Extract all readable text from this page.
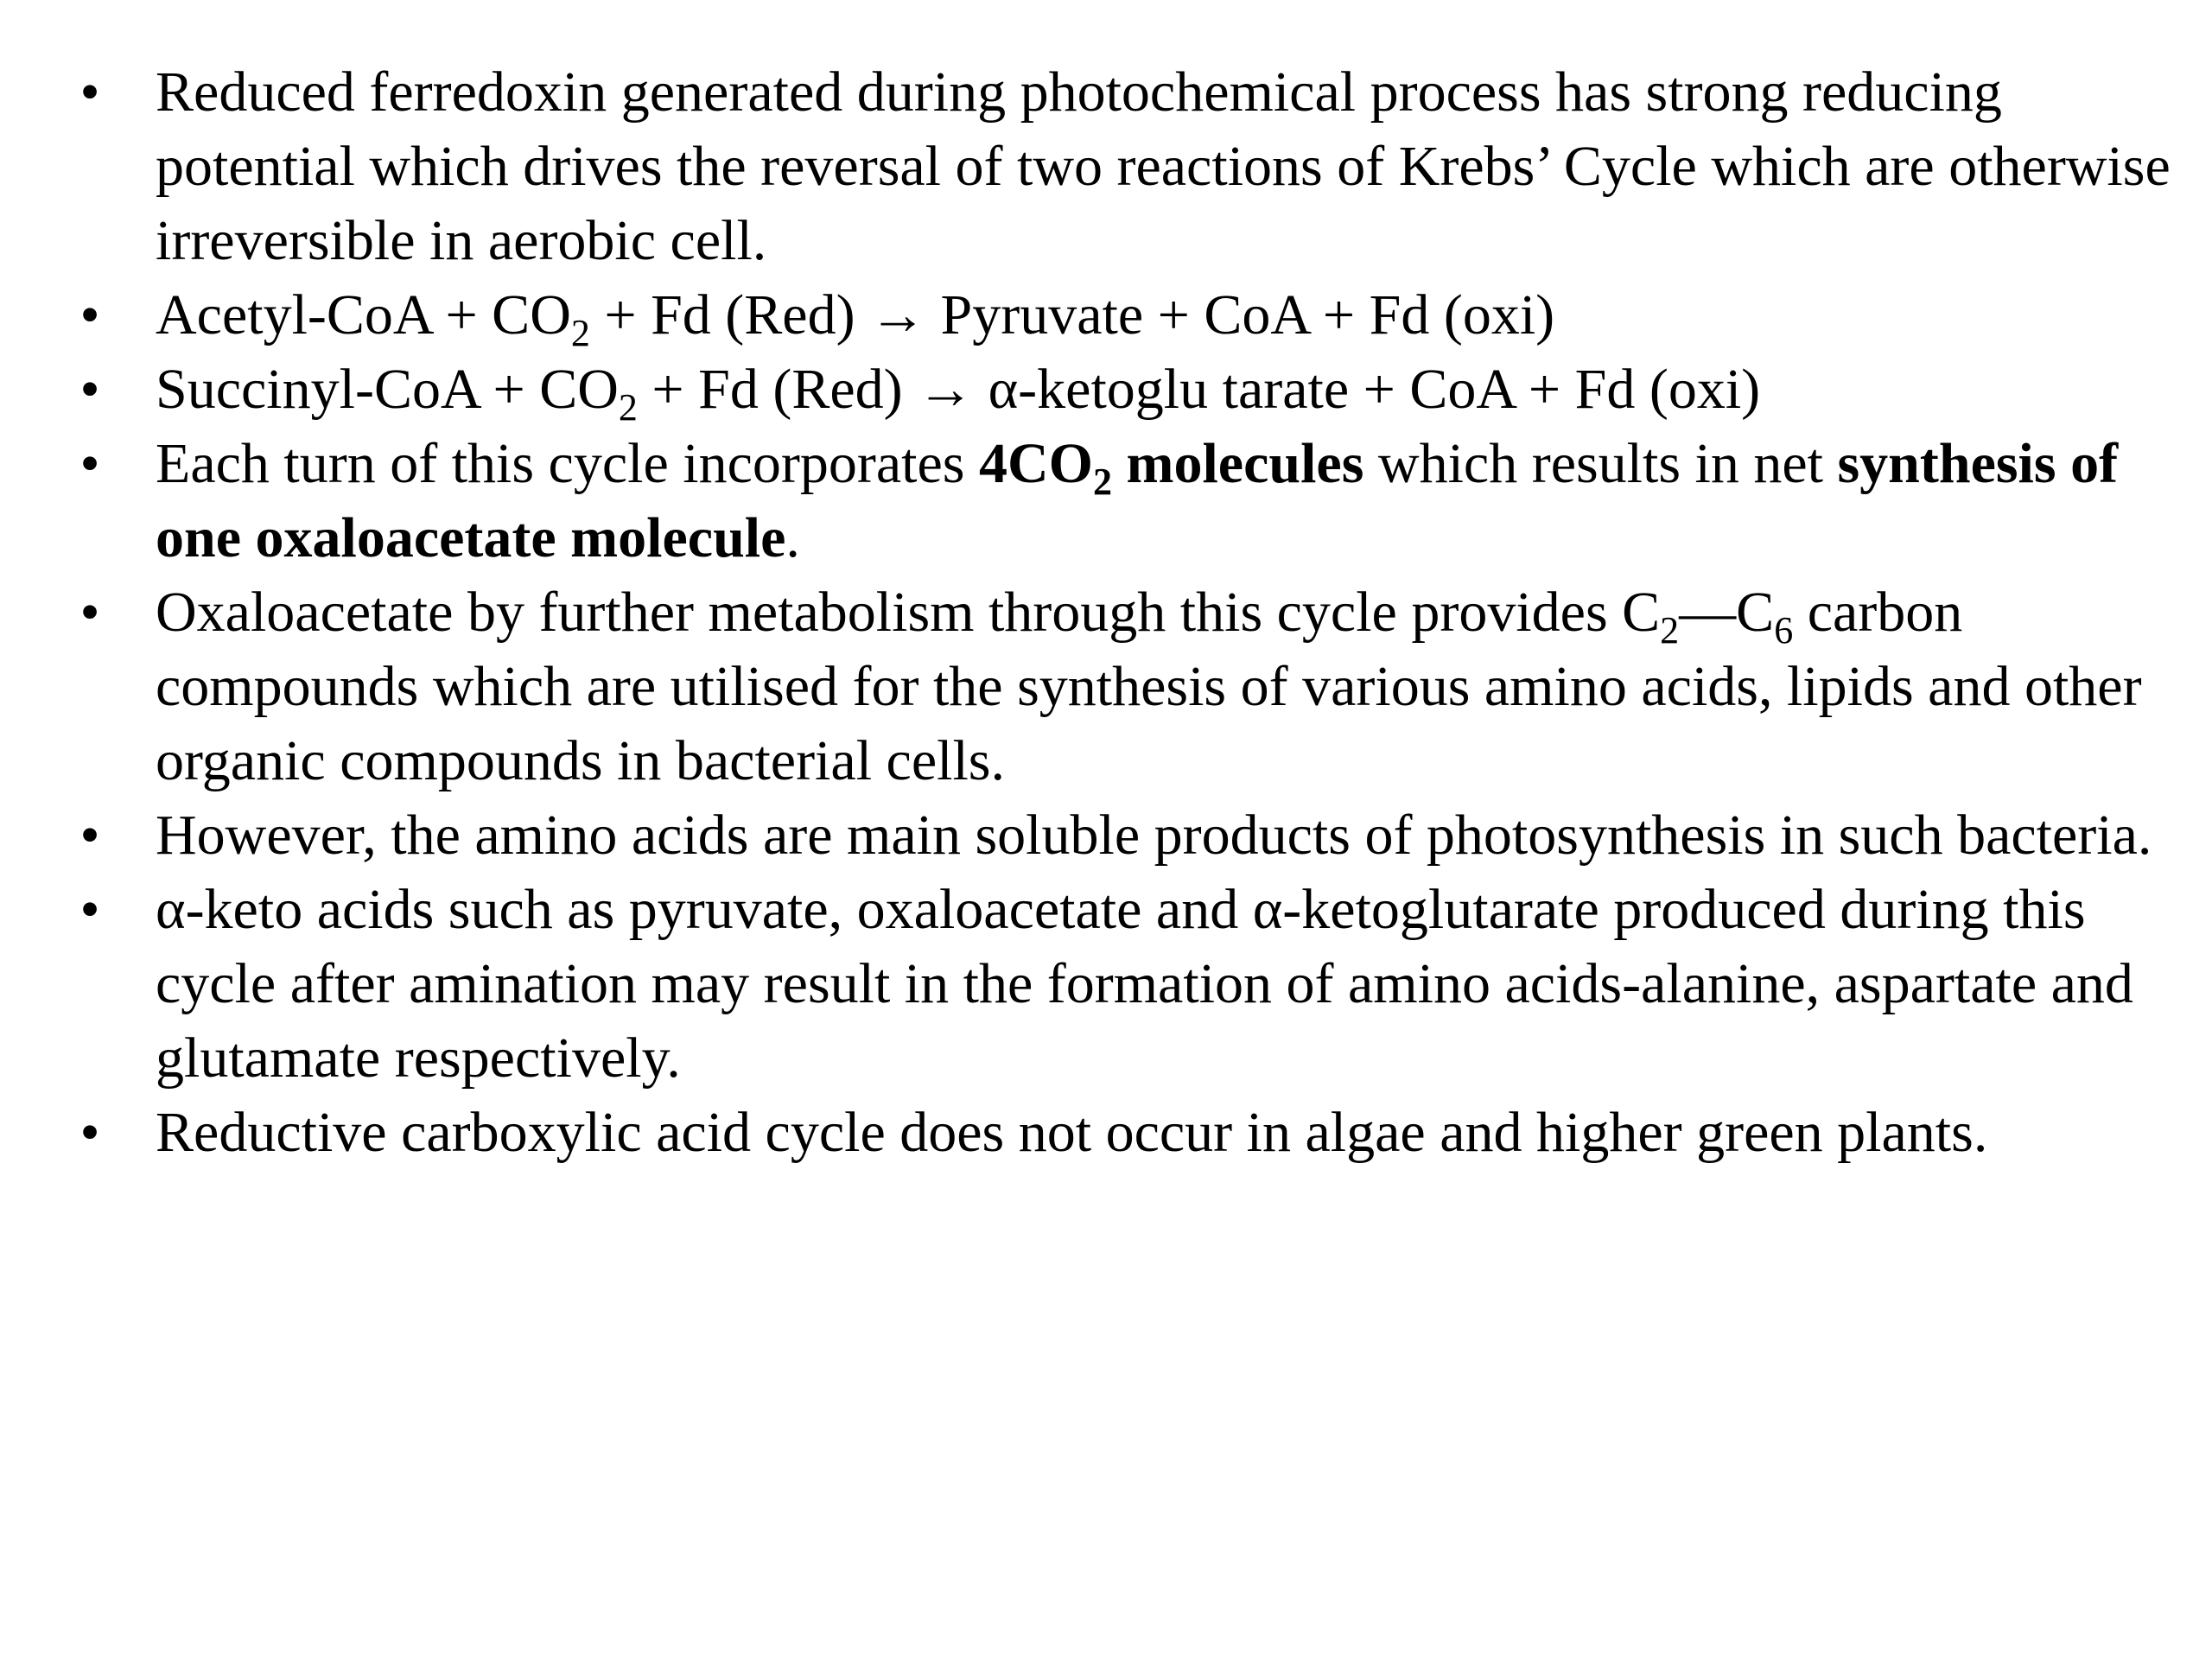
• Reduced ferredoxin generated during photochemical process has strong reducing potential which drives the reversal of two reactions of Krebs’ Cycle which are otherwise irreversible in aerobic cell.
• Acetyl-CoA + $CO_2 + Fd$ (Red) → Pyruvate + CoA + Fd (oxi)
• Succinyl-CoA + $CO_2 + Fd$ (Red) → α-ketoglu tarate + CoA + Fd (oxi)
• Each turn of this cycle incorporates $4CO_2$ molecules which results in net synthesis of one oxaloacetate molecule.
• Oxaloacetate by further metabolism through this cycle provides $C_2—C_6$ carbon compounds which are utilised for the synthesis of various amino acids, lipids and other organic compounds in bacterial cells.
• However, the amino acids are main soluble products of photosynthesis in such bacteria.
• α-keto acids such as pyruvate, oxaloacetate and α-ketoglutarate produced during this cycle after amination may result in the formation of amino acids-alanine, aspartate and glutamate respectively.
• Reductive carboxylic acid cycle does not occur in algae and higher green plants.
